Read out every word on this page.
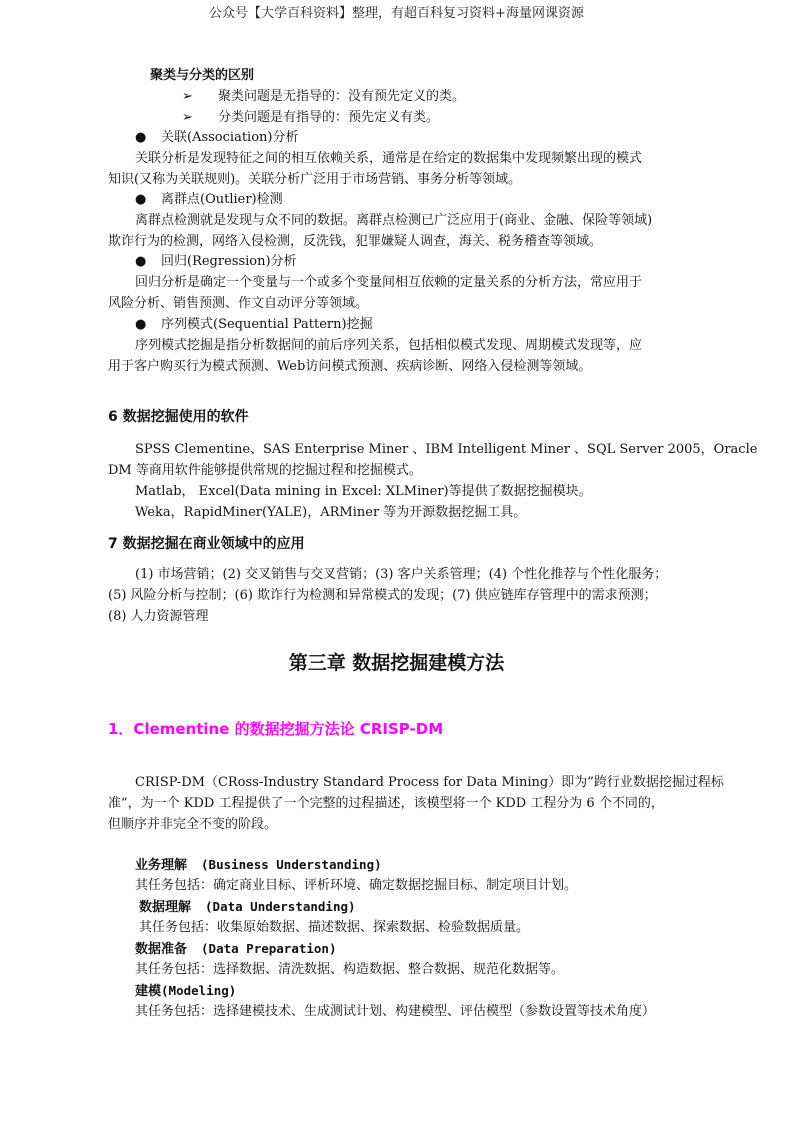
公众号【大学百科资料】整理，有超百科复习资料+海量网课资源
聚类与分类的区别
➢ 聚类问题是无指导的：没有预先定义的类。
➢ 分类问题是有指导的：预先定义有类。
● 关联(Association)分析
关联分析是发现特征之间的相互依赖关系，通常是在给定的数据集中发现频繁出现的模式
知识(又称为关联规则)。关联分析广泛用于市场营销、事务分析等领域。
● 离群点(Outlier)检测
离群点检测就是发现与众不同的数据。离群点检测已广泛应用于(商业、金融、保险等领域)
欺诈行为的检测，网络入侵检测，反洗钱，犯罪嫌疑人调查，海关、税务稽查等领域。
● 回归(Regression)分析
回归分析是确定一个变量与一个或多个变量间相互依赖的定量关系的分析方法，常应用于
风险分析、销售预测、作文自动评分等领域。
● 序列模式(Sequential Pattern)挖掘
序列模式挖掘是指分析数据间的前后序列关系，包括相似模式发现、周期模式发现等，应
用于客户购买行为模式预测、Web访问模式预测、疾病诊断、网络入侵检测等领域。
6 数据挖掘使用的软件
SPSS Clementine、SAS Enterprise Miner 、IBM Intelligent Miner 、SQL Server 2005，Oracle
DM 等商用软件能够提供常规的挖掘过程和挖掘模式。
Matlab， Excel(Data mining in Excel: XLMiner)等提供了数据挖掘模块。
Weka，RapidMiner(YALE)，ARMiner 等为开源数据挖掘工具。
7 数据挖掘在商业领域中的应用
(1) 市场营销；(2) 交叉销售与交叉营销；(3) 客户关系管理；(4) 个性化推荐与个性化服务；
(5) 风险分析与控制；(6) 欺诈行为检测和异常模式的发现；(7) 供应链库存管理中的需求预测；
(8) 人力资源管理
第三章 数据挖掘建模方法
1．Clementine 的数据挖掘方法论 CRISP-DM
CRISP-DM（CRoss-Industry Standard Process for Data Mining）即为”跨行业数据挖掘过程标
准”，为一个 KDD 工程提供了一个完整的过程描述，该模型将一个 KDD 工程分为 6 个不同的，
但顺序并非完全不变的阶段。
业务理解 (Business Understanding)
其任务包括：确定商业目标、评析环境、确定数据挖掘目标、制定项目计划。
数据理解 (Data Understanding)
其任务包括：收集原始数据、描述数据、探索数据、检验数据质量。
数据准备 (Data Preparation)
其任务包括：选择数据、清洗数据、构造数据、整合数据、规范化数据等。
建模(Modeling)
其任务包括：选择建模技术、生成测试计划、构建模型、评估模型（参数设置等技术角度）
